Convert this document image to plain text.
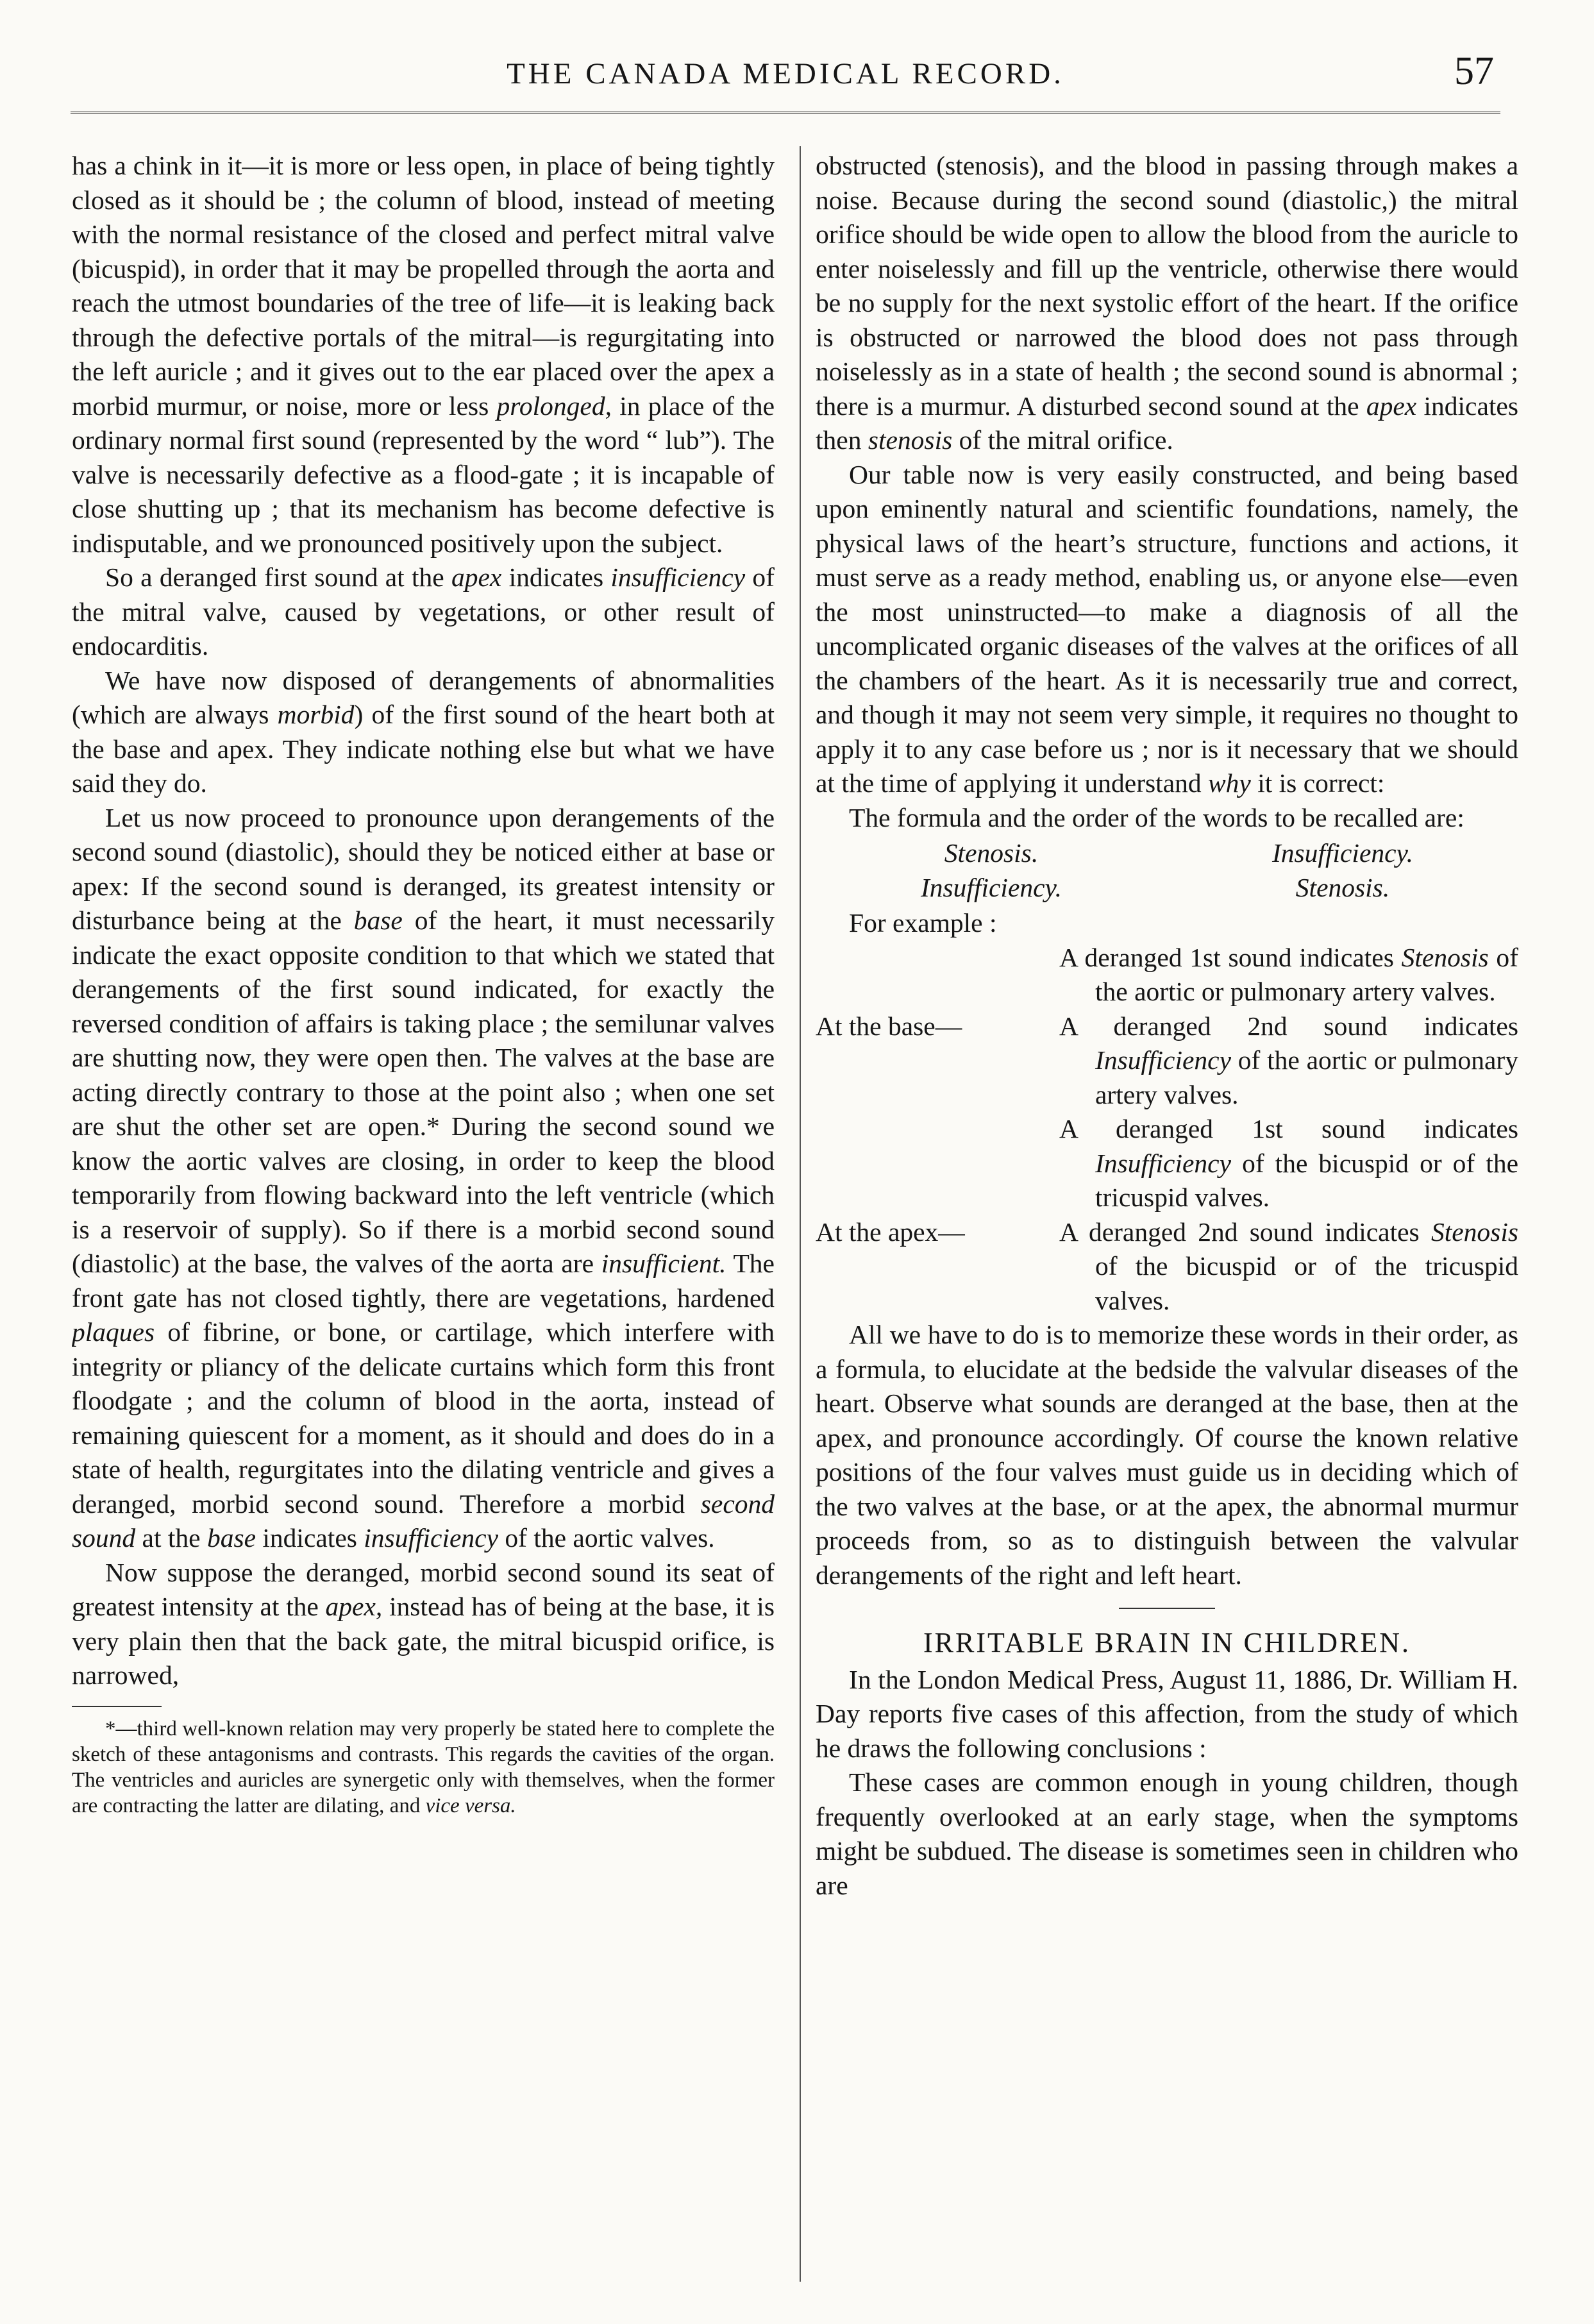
THE CANADA MEDICAL RECORD.	57

has a chink in it—it is more or less open, in place of being tightly closed as it should be ; the column of blood, instead of meeting with the normal resistance of the closed and perfect mitral valve (bicuspid), in order that it may be propelled through the aorta and reach the utmost boundaries of the tree of life—it is leaking back through the defective portals of the mitral—is regurgitating into the left auricle ; and it gives out to the ear placed over the apex a morbid murmur, or noise, more or less prolonged, in place of the ordinary normal first sound (represented by the word “ lub”). The valve is necessarily defective as a flood-gate ; it is incapable of close shutting up ; that its mechanism has become defective is indisputable, and we pronounced positively upon the subject.

So a deranged first sound at the apex indicates insufficiency of the mitral valve, caused by vegetations, or other result of endocarditis.

We have now disposed of derangements of abnormalities (which are always morbid) of the first sound of the heart both at the base and apex. They indicate nothing else but what we have said they do.

Let us now proceed to pronounce upon derangements of the second sound (diastolic), should they be noticed either at base or apex: If the second sound is deranged, its greatest intensity or disturbance being at the base of the heart, it must necessarily indicate the exact opposite condition to that which we stated that derangements of the first sound indicated, for exactly the reversed condition of affairs is taking place ; the semilunar valves are shutting now, they were open then. The valves at the base are acting directly contrary to those at the point also ; when one set are shut the other set are open.* During the second sound we know the aortic valves are closing, in order to keep the blood temporarily from flowing backward into the left ventricle (which is a reservoir of supply). So if there is a morbid second sound (diastolic) at the base, the valves of the aorta are insufficient. The front gate has not closed tightly, there are vegetations, hardened plaques of fibrine, or bone, or cartilage, which interfere with integrity or pliancy of the delicate curtains which form this front floodgate ; and the column of blood in the aorta, instead of remaining quiescent for a moment, as it should and does do in a state of health, regurgitates into the dilating ventricle and gives a deranged, morbid second sound. Therefore a morbid second sound at the base indicates insufficiency of the aortic valves.

Now suppose the deranged, morbid second sound its seat of greatest intensity at the apex, instead has of being at the base, it is very plain then that the back gate, the mitral bicuspid orifice, is narrowed,

*—third well-known relation may very properly be stated here to complete the sketch of these antagonisms and contrasts. This regards the cavities of the organ. The ventricles and auricles are synergetic only with themselves, when the former are contracting the latter are dilating, and vice versa.

obstructed (stenosis), and the blood in passing through makes a noise. Because during the second sound (diastolic,) the mitral orifice should be wide open to allow the blood from the auricle to enter noiselessly and fill up the ventricle, otherwise there would be no supply for the next systolic effort of the heart. If the orifice is obstructed or narrowed the blood does not pass through noiselessly as in a state of health ; the second sound is abnormal ; there is a murmur. A disturbed second sound at the apex indicates then stenosis of the mitral orifice.

Our table now is very easily constructed, and being based upon eminently natural and scientific foundations, namely, the physical laws of the heart’s structure, functions and actions, it must serve as a ready method, enabling us, or anyone else—even the most uninstructed—to make a diagnosis of all the uncomplicated organic diseases of the valves at the orifices of all the chambers of the heart. As it is necessarily true and correct, and though it may not seem very simple, it requires no thought to apply it to any case before us ; nor is it necessary that we should at the time of applying it understand why it is correct:

The formula and the order of the words to be recalled are:

Stenosis.	Insufficiency.
Insufficiency.	Stenosis.

For example :

A deranged 1st sound indicates Stenosis of the aortic or pulmonary artery valves.
At the base—	A deranged 2nd sound indicates Insufficiency of the aortic or pulmonary artery valves.
A deranged 1st sound indicates Insufficiency of the bicuspid or of the tricuspid valves.
At the apex—	A deranged 2nd sound indicates Stenosis of the bicuspid or of the tricuspid valves.

All we have to do is to memorize these words in their order, as a formula, to elucidate at the bedside the valvular diseases of the heart. Observe what sounds are deranged at the base, then at the apex, and pronounce accordingly. Of course the known relative positions of the four valves must guide us in deciding which of the two valves at the base, or at the apex, the abnormal murmur proceeds from, so as to distinguish between the valvular derangements of the right and left heart.

IRRITABLE BRAIN IN CHILDREN.

In the London Medical Press, August 11, 1886, Dr. William H. Day reports five cases of this affection, from the study of which he draws the following conclusions :

These cases are common enough in young children, though frequently overlooked at an early stage, when the symptoms might be subdued. The disease is sometimes seen in children who are
